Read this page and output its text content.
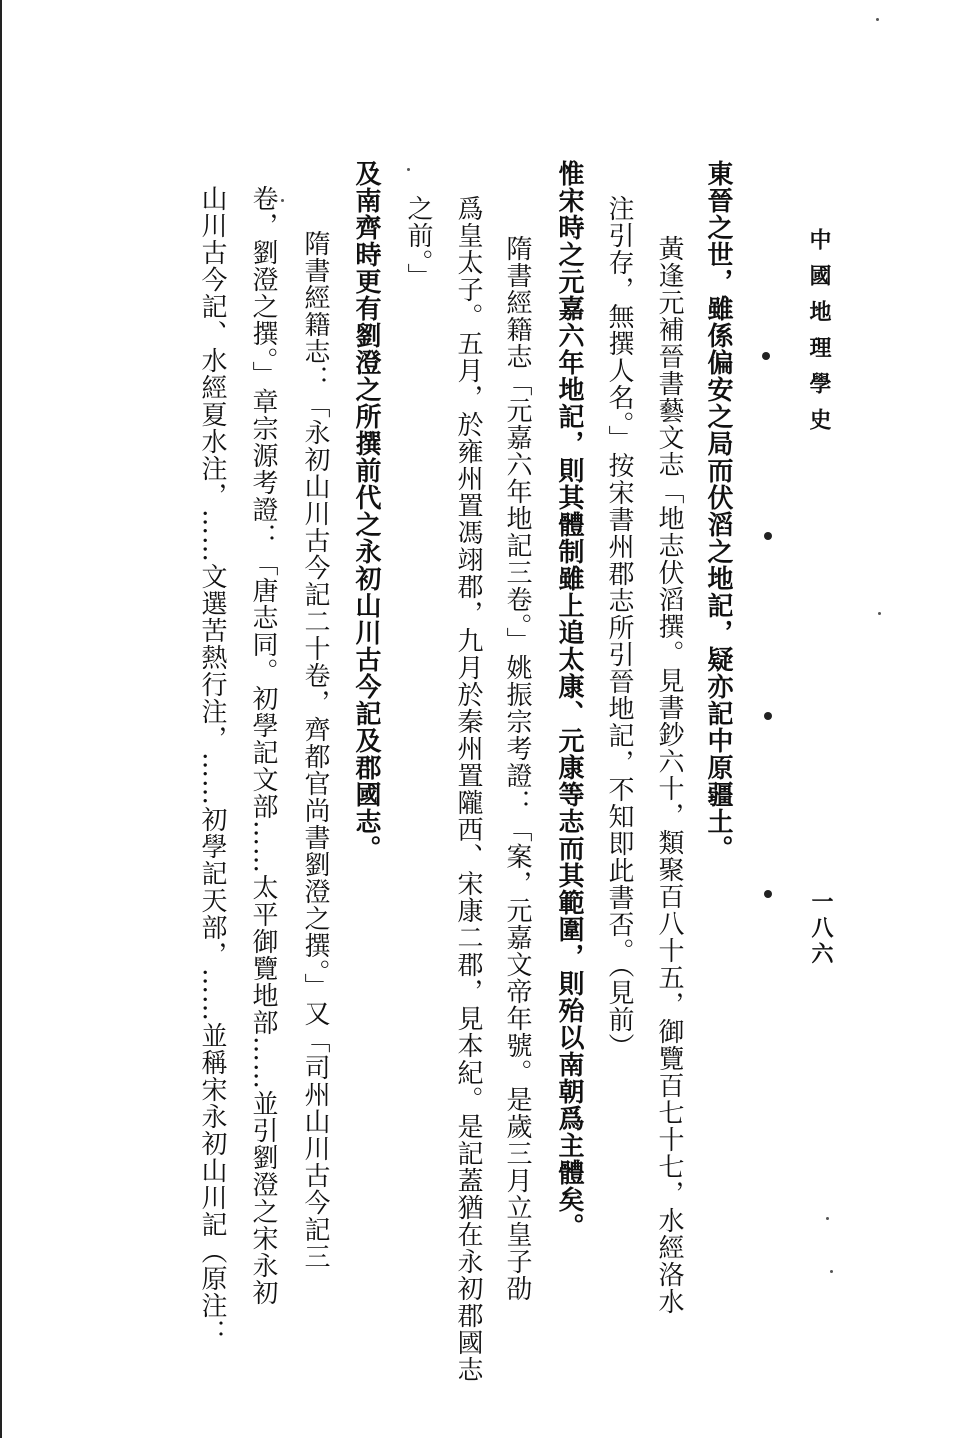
中國地理學史
一八六
東晉之世，雖係偏安之局而伏滔之地記，疑亦記中原疆土。
黃逢元補晉書藝文志「地志伏滔撰。見書鈔六十，類聚百八十五，御覽百七十七，水經洛水
注引存，無撰人名。」按宋書州郡志所引晉地記，不知即此書否。（見前）
惟宋時之元嘉六年地記，則其體制雖上追太康、元康等志而其範圍，則殆以南朝爲主體矣。
隋書經籍志「元嘉六年地記三卷。」姚振宗考證：「案，元嘉文帝年號。是歲三月立皇子劭
爲皇太子。五月，於雍州置馮翊郡，九月於秦州置隴西、宋康二郡，見本紀。是記蓋猶在永初郡國志
之前。」
及南齊時更有劉澄之所撰前代之永初山川古今記及郡國志。
隋書經籍志：「永初山川古今記二十卷，齊都官尚書劉澄之撰。」又「司州山川古今記三
卷，劉澄之撰。」章宗源考證：「唐志同。初學記文部……太平御覽地部……並引劉澄之宋永初
山川古今記、水經夏水注，……文選苦熱行注，……初學記天部，……並稱宋永初山川記（原注：
